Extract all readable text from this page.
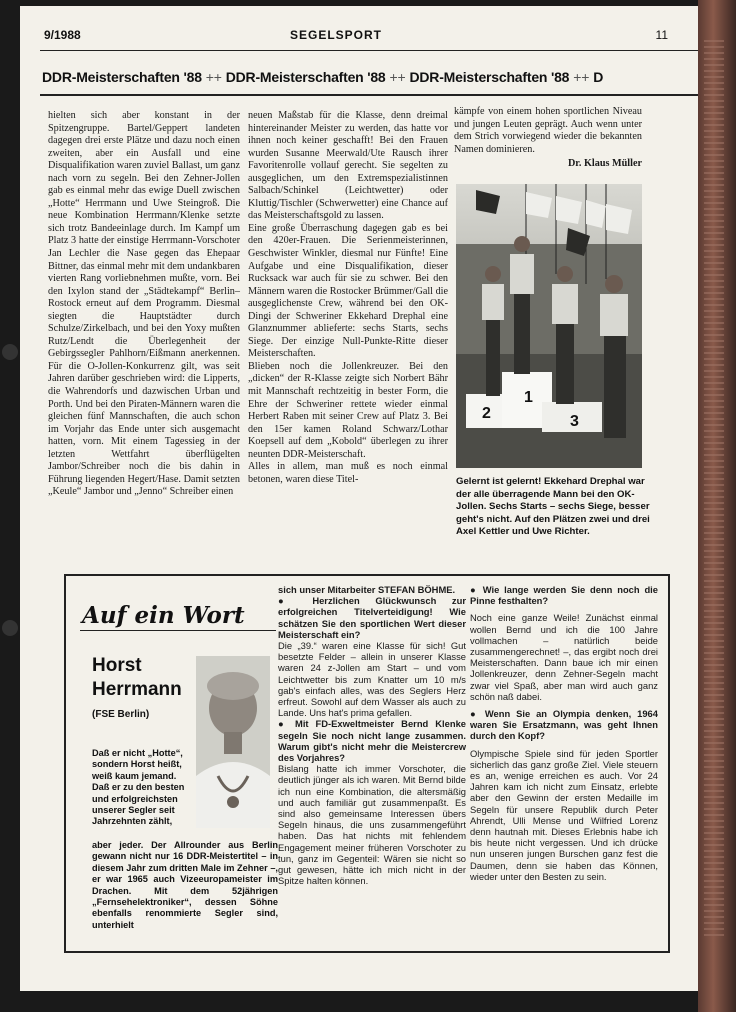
9/1988	SEGELSPORT	11
DDR-Meisterschaften '88 ++ DDR-Meisterschaften '88 ++ DDR-Meisterschaften '88 ++ D

hielten sich aber konstant in der Spitzengruppe. Bartel/Geppert landeten dagegen drei erste Plätze und dazu noch einen zweiten, aber ein Ausfall und eine Disqualifikation waren zuviel Ballast, um ganz nach vorn zu segeln. Bei den Zehner-Jollen gab es einmal mehr das ewige Duell zwischen „Hotte“ Herrmann und Uwe Steingroß. Die neue Kombination Herrmann/Klenke setzte sich trotz Bandeeinlage durch. Im Kampf um Platz 3 hatte der einstige Herrmann-Vorschoter Jan Lechler die Nase gegen das Ehepaar Bittner, das einmal mehr mit dem undankbaren vierten Rang vorliebnehmen mußte, vorn. Bei den Ixylon stand der „Städtekampf“ Berlin–Rostock erneut auf dem Programm. Diesmal siegten die Hauptstädter durch Schulze/Zirkelbach, und bei den Yoxy mußten Rutz/Lendt die Überlegenheit der Gebirgssegler Pahlhorn/Eißmann anerkennen. Für die O-Jollen-Konkurrenz gilt, was seit Jahren darüber geschrieben wird: die Lipperts, die Wahrendorfs und dazwischen Urban und Porth. Und bei den Piraten-Männern waren die gleichen fünf Mannschaften, die auch schon im Vorjahr das Ende unter sich ausgemacht hatten, vorn. Mit einem Tagessieg in der letzten Wettfahrt überflügelten Jambor/Schreiber noch die bis dahin in Führung liegenden Hegert/Hase. Damit setzten „Keule“ Jambor und „Jenno“ Schreiber einen

neuen Maßstab für die Klasse, denn dreimal hintereinander Meister zu werden, das hatte vor ihnen noch keiner geschafft! Bei den Frauen wurden Susanne Meerwald/Ute Rausch ihrer Favoritenrolle vollauf gerecht. Sie segelten zu ausgeglichen, um den Extremspezialistinnen Salbach/Schinkel (Leichtwetter) oder Kluttig/Tischler (Schwerwetter) eine Chance auf das Meisterschaftsgold zu lassen.

Eine große Überraschung dagegen gab es bei den 420er-Frauen. Die Serienmeisterinnen, Geschwister Winkler, diesmal nur Fünfte! Eine Aufgabe und eine Disqualifikation, dieser Rucksack war auch für sie zu schwer. Bei den Männern waren die Rostocker Brümmer/Gall die ausgeglichenste Crew, während bei den OK-Dingi der Schweriner Ekkehard Drephal eine Glanznummer ablieferte: sechs Starts, sechs Siege. Der einzige Null-Punkte-Ritte dieser Meisterschaften.

Blieben noch die Jollenkreuzer. Bei den „dicken“ der R-Klasse zeigte sich Norbert Bähr mit Mannschaft rechtzeitig in bester Form, die Ehre der Schweriner rettete wieder einmal Herbert Raben mit seiner Crew auf Platz 3. Bei den 15er kamen Roland Schwarz/Lothar Koepsell auf dem „Kobold“ überlegen zu ihrer neunten DDR-Meisterschaft.

Alles in allem, man muß es noch einmal betonen, waren diese Titel-

kämpfe von einem hohen sportlichen Niveau und jungen Leuten geprägt. Auch wenn unter dem Strich vorwiegend wieder die bekannten Namen dominieren.

Dr. Klaus Müller

1
2	3
Gelernt ist gelernt! Ekkehard Drephal war der alle überragende Mann bei den OK-Jollen. Sechs Starts – sechs Siege, besser geht's nicht. Auf den Plätzen zwei und drei Axel Kettler und Uwe Richter.
Auf ein Wort
Horst
Herrmann
(FSE Berlin)
Daß er nicht „Hotte“, sondern Horst heißt, weiß kaum jemand. Daß er zu den besten und erfolgreichsten unserer Segler seit Jahrzehnten zählt,
aber jeder. Der Allrounder aus Berlin gewann nicht nur 16 DDR-Meistertitel – in diesem Jahr zum dritten Male im Zehner –, er war 1965 auch Vizeeuropameister im Drachen. Mit dem 52jährigen „Fernsehelektroniker“, dessen Söhne ebenfalls renommierte Segler sind, unterhielt

sich unser Mitarbeiter STEFAN BÖHME.

● Herzlichen Glückwunsch zur erfolgreichen Titelverteidigung! Wie schätzen Sie den sportlichen Wert dieser Meisterschaft ein?

Die „39.“ waren eine Klasse für sich! Gut besetzte Felder – allein in unserer Klasse waren 24 z-Jollen am Start – und vom Leichtwetter bis zum Knatter um 10 m/s gab's einfach alles, was des Seglers Herz erfreut. Sowohl auf dem Wasser als auch zu Lande. Uns hat's prima gefallen.

● Mit FD-Exweltmeister Bernd Klenke segeln Sie noch nicht lange zusammen. Warum gibt's nicht mehr die Meistercrew des Vorjahres?

Bislang hatte ich immer Vorschoter, die deutlich jünger als ich waren. Mit Bernd bilde ich nun eine Kombination, die altersmäßig und auch familiär gut zusammenpaßt. Es sind also gemeinsame Interessen übers Segeln hinaus, die uns zusammengeführt haben. Das hat nichts mit fehlendem Engagement meiner früheren Vorschoter zu tun, ganz im Gegenteil: Wären sie nicht so gut gewesen, hätte ich mich nicht in der Spitze halten können.

● Wie lange werden Sie denn noch die Pinne festhalten?

Noch eine ganze Weile! Zunächst einmal wollen Bernd und ich die 100 Jahre vollmachen – natürlich beide zusammengerechnet! –, das ergibt noch drei Meisterschaften. Dann baue ich mir einen Jollenkreuzer, denn Zehner-Segeln macht zwar viel Spaß, aber man wird auch ganz schön naß dabei.

● Wenn Sie an Olympia denken, 1964 waren Sie Ersatzmann, was geht Ihnen durch den Kopf?

Olympische Spiele sind für jeden Sportler sicherlich das ganz große Ziel. Viele steuern es an, wenige erreichen es auch. Vor 24 Jahren kam ich nicht zum Einsatz, erlebte aber den Gewinn der ersten Medaille im Segeln für unsere Republik durch Peter Ahrendt, Ulli Mense und Wilfried Lorenz denn hautnah mit. Dieses Erlebnis habe ich bis heute nicht vergessen. Und ich drücke nun unseren jungen Burschen ganz fest die Daumen, denn sie haben das Können, wieder unter den Besten zu sein.
